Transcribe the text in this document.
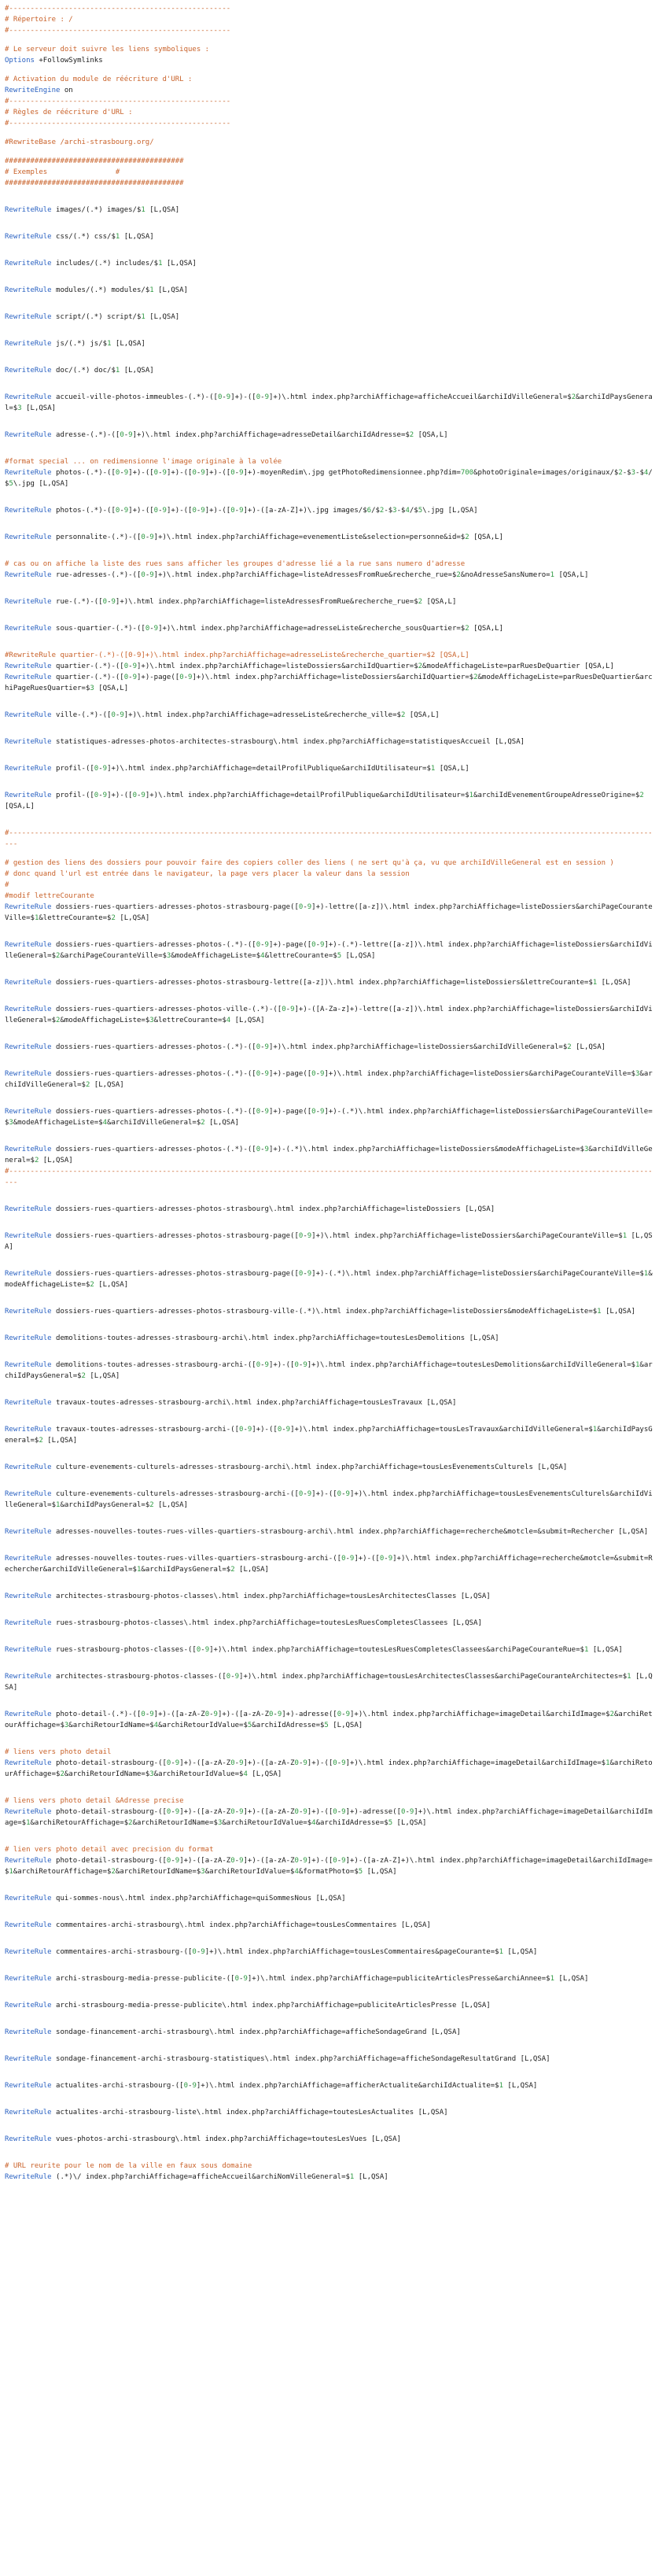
#----------------------------------------------------
# Répertoire : /
#----------------------------------------------------
# Le serveur doit suivre les liens symboliques :
Options +FollowSymlinks
# Activation du module de réécriture d'URL :
RewriteEngine on
#----------------------------------------------------
# Règles de réécriture d'URL :
#----------------------------------------------------
#RewriteBase /archi-strasbourg.org/
##########################################
# Exemples                #
##########################################
RewriteRule images/(.*) images/$1 [L,QSA]
RewriteRule css/(.*) css/$1 [L,QSA]
RewriteRule includes/(.*) includes/$1 [L,QSA]
RewriteRule modules/(.*) modules/$1 [L,QSA]
RewriteRule script/(.*) script/$1 [L,QSA]
RewriteRule js/(.*) js/$1 [L,QSA]
RewriteRule doc/(.*) doc/$1 [L,QSA]
RewriteRule accueil-ville-photos-immeubles-(.*)-([0-9]+)-([0-9]+)\.html index.php?archiAffichage=afficheAccueil&archiIdVilleGeneral=$2&archiIdPaysGeneral=$3 [L,QSA]
RewriteRule adresse-(.*)-([0-9]+)\.html index.php?archiAffichage=adresseDetail&archiIdAdresse=$2 [QSA,L]
#format special ... on redimensionne l'image originale à la volée
RewriteRule photos-(.*)-([0-9]+)-([0-9]+)-([0-9]+)-([0-9]+)-moyenRedim\.jpg getPhotoRedimensionnee.php?dim=700&photoOriginale=images/originaux/$2-$3-$4/$5\.jpg [L,QSA]
RewriteRule photos-(.*)-([0-9]+)-([0-9]+)-([0-9]+)-([0-9]+)-([a-zA-Z]+)\.jpg images/$6/$2-$3-$4/$5\.jpg [L,QSA]
RewriteRule personnalite-(.*)-([0-9]+)\.html index.php?archiAffichage=evenementListe&selection=personne&id=$2 [QSA,L]
# cas ou on affiche la liste des rues sans afficher les groupes d'adresse lié a la rue sans numero d'adresse
RewriteRule rue-adresses-(.*)-([0-9]+)\.html index.php?archiAffichage=listeAdressesFromRue&recherche_rue=$2&noAdresseSansNumero=1 [QSA,L]
RewriteRule rue-(.*)-([0-9]+)\.html index.php?archiAffichage=listeAdressesFromRue&recherche_rue=$2 [QSA,L]
RewriteRule sous-quartier-(.*)-([0-9]+)\.html index.php?archiAffichage=adresseListe&recherche_sousQuartier=$2 [QSA,L]
#RewriteRule quartier-(.*)-([0-9]+)\.html index.php?archiAffichage=adresseListe&recherche_quartier=$2 [QSA,L]
RewriteRule quartier-(.*)-([0-9]+)\.html index.php?archiAffichage=listeDossiers&archiIdQuartier=$2&modeAffichageListe=parRuesDeQuartier [QSA,L]
RewriteRule quartier-(.*)-([0-9]+)-page([0-9]+)\.html index.php?archiAffichage=listeDossiers&archiIdQuartier=$2&modeAffichageListe=parRuesDeQuartier&archiPageRuesQuartier=$3 [QSA,L]
RewriteRule ville-(.*)-([0-9]+)\.html index.php?archiAffichage=adresseListe&recherche_ville=$2 [QSA,L]
RewriteRule statistiques-adresses-photos-architectes-strasbourg\.html index.php?archiAffichage=statistiquesAccueil [L,QSA]
RewriteRule profil-([0-9]+)\.html index.php?archiAffichage=detailProfilPublique&archiIdUtilisateur=$1 [QSA,L]
RewriteRule profil-([0-9]+)-([0-9]+)\.html index.php?archiAffichage=detailProfilPublique&archiIdUtilisateur=$1&archiIdEvenementGroupeAdresseOrigine=$2 [QSA,L]
#----------------------------------------------------------------------------------------------------------------------------------------------------------
# gestion des liens des dossiers pour pouvoir faire des copiers coller des liens ( ne sert qu'à ça, vu que archiIdVilleGeneral est en session )
# donc quand l'url est entrée dans le navigateur, la page vers placer la valeur dans la session
#
#modif lettreCourante
RewriteRule dossiers-rues-quartiers-adresses-photos-strasbourg-page([0-9]+)-lettre([a-z])\.html index.php?archiAffichage=listeDossiers&archiPageCouranteVille=$1&lettreCourante=$2 [L,QSA]
RewriteRule dossiers-rues-quartiers-adresses-photos-(.*)-([0-9]+)-page([0-9]+)-(.*)-lettre([a-z])\.html index.php?archiAffichage=listeDossiers&archiIdVilleGeneral=$2&archiPageCouranteVille=$3&modeAffichageListe=$4&lettreCourante=$5 [L,QSA]
RewriteRule dossiers-rues-quartiers-adresses-photos-strasbourg-lettre([a-z])\.html index.php?archiAffichage=listeDossiers&lettreCourante=$1 [L,QSA]
RewriteRule dossiers-rues-quartiers-adresses-photos-ville-(.*)-([0-9]+)-([A-Za-z]+)-lettre([a-z])\.html index.php?archiAffichage=listeDossiers&archiIdVilleGeneral=$2&modeAffichageListe=$3&lettreCourante=$4 [L,QSA]
RewriteRule dossiers-rues-quartiers-adresses-photos-(.*)-([0-9]+)\.html index.php?archiAffichage=listeDossiers&archiIdVilleGeneral=$2 [L,QSA]
RewriteRule dossiers-rues-quartiers-adresses-photos-(.*)-([0-9]+)-page([0-9]+)\.html index.php?archiAffichage=listeDossiers&archiPageCouranteVille=$3&archiIdVilleGeneral=$2 [L,QSA]
RewriteRule dossiers-rues-quartiers-adresses-photos-(.*)-([0-9]+)-page([0-9]+)-(.*)\.html index.php?archiAffichage=listeDossiers&archiPageCouranteVille=$3&modeAffichageListe=$4&archiIdVilleGeneral=$2 [L,QSA]
RewriteRule dossiers-rues-quartiers-adresses-photos-(.*)-([0-9]+)-(.*)\.html index.php?archiAffichage=listeDossiers&modeAffichageListe=$3&archiIdVilleGeneral=$2 [L,QSA]
#----------------------------------------------------------------------------------------------------------------------------------------------------------
RewriteRule dossiers-rues-quartiers-adresses-photos-strasbourg\.html index.php?archiAffichage=listeDossiers [L,QSA]
RewriteRule dossiers-rues-quartiers-adresses-photos-strasbourg-page([0-9]+)\.html index.php?archiAffichage=listeDossiers&archiPageCouranteVille=$1 [L,QSA]
RewriteRule dossiers-rues-quartiers-adresses-photos-strasbourg-page([0-9]+)-(.*)\.html index.php?archiAffichage=listeDossiers&archiPageCouranteVille=$1&modeAffichageListe=$2 [L,QSA]
RewriteRule dossiers-rues-quartiers-adresses-photos-strasbourg-ville-(.*)\.html index.php?archiAffichage=listeDossiers&modeAffichageListe=$1 [L,QSA]
RewriteRule demolitions-toutes-adresses-strasbourg-archi\.html index.php?archiAffichage=toutesLesDemolitions [L,QSA]
RewriteRule demolitions-toutes-adresses-strasbourg-archi-([0-9]+)-([0-9]+)\.html index.php?archiAffichage=toutesLesDemolitions&archiIdVilleGeneral=$1&archiIdPaysGeneral=$2 [L,QSA]
RewriteRule travaux-toutes-adresses-strasbourg-archi\.html index.php?archiAffichage=tousLesTravaux [L,QSA]
RewriteRule travaux-toutes-adresses-strasbourg-archi-([0-9]+)-([0-9]+)\.html index.php?archiAffichage=tousLesTravaux&archiIdVilleGeneral=$1&archiIdPaysGeneral=$2 [L,QSA]
RewriteRule culture-evenements-culturels-adresses-strasbourg-archi\.html index.php?archiAffichage=tousLesEvenementsCulturels [L,QSA]
RewriteRule culture-evenements-culturels-adresses-strasbourg-archi-([0-9]+)-([0-9]+)\.html index.php?archiAffichage=tousLesEvenementsCulturels&archiIdVilleGeneral=$1&archiIdPaysGeneral=$2 [L,QSA]
RewriteRule adresses-nouvelles-toutes-rues-villes-quartiers-strasbourg-archi\.html index.php?archiAffichage=recherche&motcle=&submit=Rechercher [L,QSA]
RewriteRule adresses-nouvelles-toutes-rues-villes-quartiers-strasbourg-archi-([0-9]+)-([0-9]+)\.html index.php?archiAffichage=recherche&motcle=&submit=Rechercher&archiIdVilleGeneral=$1&archiIdPaysGeneral=$2 [L,QSA]
RewriteRule architectes-strasbourg-photos-classes\.html index.php?archiAffichage=tousLesArchitectesClasses [L,QSA]
RewriteRule rues-strasbourg-photos-classes\.html index.php?archiAffichage=toutesLesRuesCompletesClassees [L,QSA]
RewriteRule rues-strasbourg-photos-classes-([0-9]+)\.html index.php?archiAffichage=toutesLesRuesCompletesClassees&archiPageCouranteRue=$1 [L,QSA]
RewriteRule architectes-strasbourg-photos-classes-([0-9]+)\.html index.php?archiAffichage=tousLesArchitectesClasses&archiPageCouranteArchitectes=$1 [L,QSA]
RewriteRule photo-detail-(.*)-([0-9]+)-([a-zA-Z0-9]+)-([a-zA-Z0-9]+)-adresse([0-9]+)\.html index.php?archiAffichage=imageDetail&archiIdImage=$2&archiRetourAffichage=$3&archiRetourIdName=$4&archiRetourIdValue=$5&archiIdAdresse=$5 [L,QSA]
# liens vers photo detail
RewriteRule photo-detail-strasbourg-([0-9]+)-([a-zA-Z0-9]+)-([a-zA-Z0-9]+)-([0-9]+)\.html index.php?archiAffichage=imageDetail&archiIdImage=$1&archiRetourAffichage=$2&archiRetourIdName=$3&archiRetourIdValue=$4 [L,QSA]
# liens vers photo detail &Adresse precise
RewriteRule photo-detail-strasbourg-([0-9]+)-([a-zA-Z0-9]+)-([a-zA-Z0-9]+)-([0-9]+)-adresse([0-9]+)\.html index.php?archiAffichage=imageDetail&archiIdImage=$1&archiRetourAffichage=$2&archiRetourIdName=$3&archiRetourIdValue=$4&archiIdAdresse=$5 [L,QSA]
# lien vers photo detail avec precision du format
RewriteRule photo-detail-strasbourg-([0-9]+)-([a-zA-Z0-9]+)-([a-zA-Z0-9]+)-([0-9]+)-([a-zA-Z]+)\.html index.php?archiAffichage=imageDetail&archiIdImage=$1&archiRetourAffichage=$2&archiRetourIdName=$3&archiRetourIdValue=$4&formatPhoto=$5 [L,QSA]
RewriteRule qui-sommes-nous\.html index.php?archiAffichage=quiSommesNous [L,QSA]
RewriteRule commentaires-archi-strasbourg\.html index.php?archiAffichage=tousLesCommentaires [L,QSA]
RewriteRule commentaires-archi-strasbourg-([0-9]+)\.html index.php?archiAffichage=tousLesCommentaires&pageCourante=$1 [L,QSA]
RewriteRule archi-strasbourg-media-presse-publicite-([0-9]+)\.html index.php?archiAffichage=publiciteArticlesPresse&archiAnnee=$1 [L,QSA]
RewriteRule archi-strasbourg-media-presse-publicite\.html index.php?archiAffichage=publiciteArticlesPresse [L,QSA]
RewriteRule sondage-financement-archi-strasbourg\.html index.php?archiAffichage=afficheSondageGrand [L,QSA]
RewriteRule sondage-financement-archi-strasbourg-statistiques\.html index.php?archiAffichage=afficheSondageResultatGrand [L,QSA]
RewriteRule actualites-archi-strasbourg-([0-9]+)\.html index.php?archiAffichage=afficherActualite&archiIdActualite=$1 [L,QSA]
RewriteRule actualites-archi-strasbourg-liste\.html index.php?archiAffichage=toutesLesActualites [L,QSA]
RewriteRule vues-photos-archi-strasbourg\.html index.php?archiAffichage=toutesLesVues [L,QSA]
# URL reurite pour le nom de la ville en faux sous domaine
RewriteRule (.*)\/ index.php?archiAffichage=afficheAccueil&archiNomVilleGeneral=$1 [L,QSA]
